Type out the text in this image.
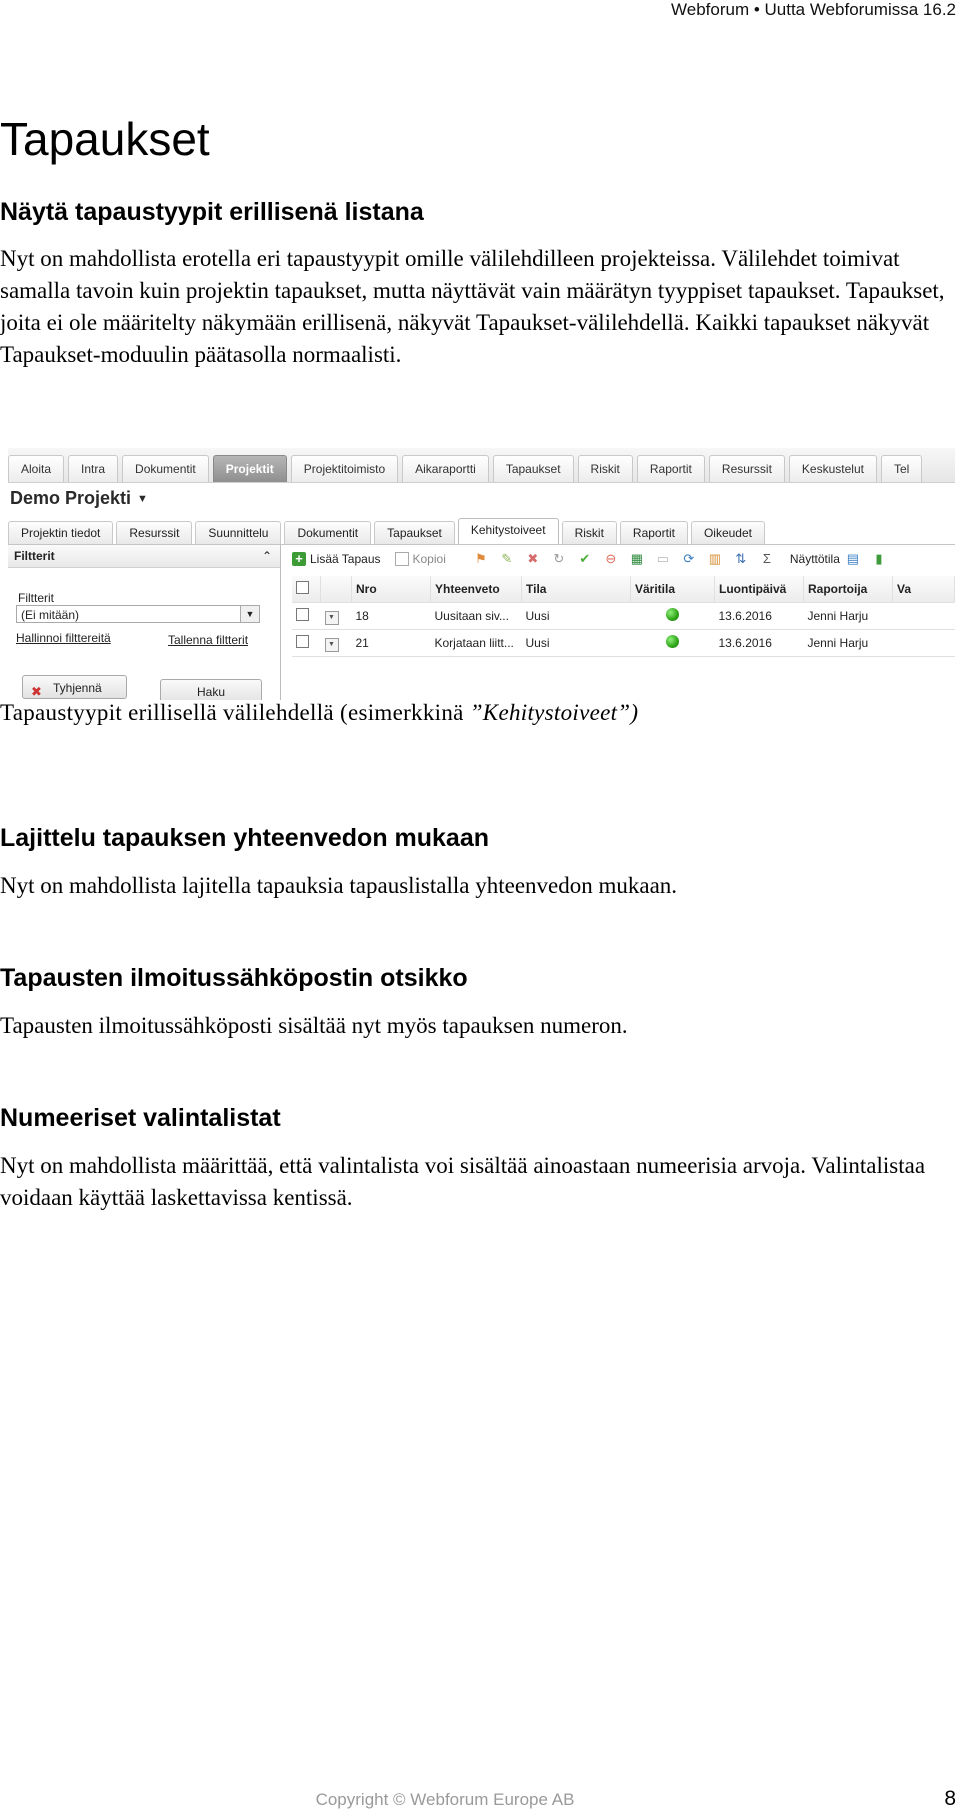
Webforum • Uutta Webforumissa 16.2
Tapaukset
Näytä tapaustyypit erillisenä listana

Nyt on mahdollista erotella eri tapaustyypit omille välilehdilleen projekteissa. Välilehdet toimivat samalla tavoin kuin projektin tapaukset, mutta näyttävät vain määrätyn tyyppiset tapaukset. Tapaukset, joita ei ole määritelty näkymään erillisenä, näkyvät Tapaukset-välilehdellä. Kaikki tapaukset näkyvät Tapaukset-moduulin päätasolla normaalisti.

Aloita	Intra	Dokumentit	Projektit	Projektitoimisto	Aikaraportti	Tapaukset	Riskit	Raportit	Resurssit	Keskustelut	Tel
Demo Projekti ▼
Projektin tiedot	Resurssit	Suunnittelu	Dokumentit	Tapaukset	Kehitystoiveet	Riskit	Raportit	Oikeudet
Filtterit	⌃
Filtterit
(Ei mitään)	▼
Hallinnoi filttereitä	Tallenna filtterit
✖ Tyhjennä	Haku
+ Lisää Tapaus	Kopioi ⚑ ✎ ✖ ↻ ✔ ⊖ ▦ ▭ ⟳ ▥ ⇅	Σ	Näyttötila ▤	▮
		Nro	Yhteenveto	Tila	Väritila	Luontipäivä	Raportoija	Va
	▼	18	Uusitaan siv...	Uusi		13.6.2016	Jenni Harju	
	▼	21	Korjataan liitt...	Uusi		13.6.2016	Jenni Harju	

Tapaustyypit erillisellä välilehdellä (esimerkkinä ”Kehitystoiveet”)

Lajittelu tapauksen yhteenvedon mukaan

Nyt on mahdollista lajitella tapauksia tapauslistalla yhteenvedon mukaan.

Tapausten ilmoitussähköpostin otsikko

Tapausten ilmoitussähköposti sisältää nyt myös tapauksen numeron.

Numeeriset valintalistat

Nyt on mahdollista määrittää, että valintalista voi sisältää ainoastaan numeerisia arvoja. Valintalistaa voidaan käyttää laskettavissa kentissä.

Copyright © Webforum Europe AB	8
